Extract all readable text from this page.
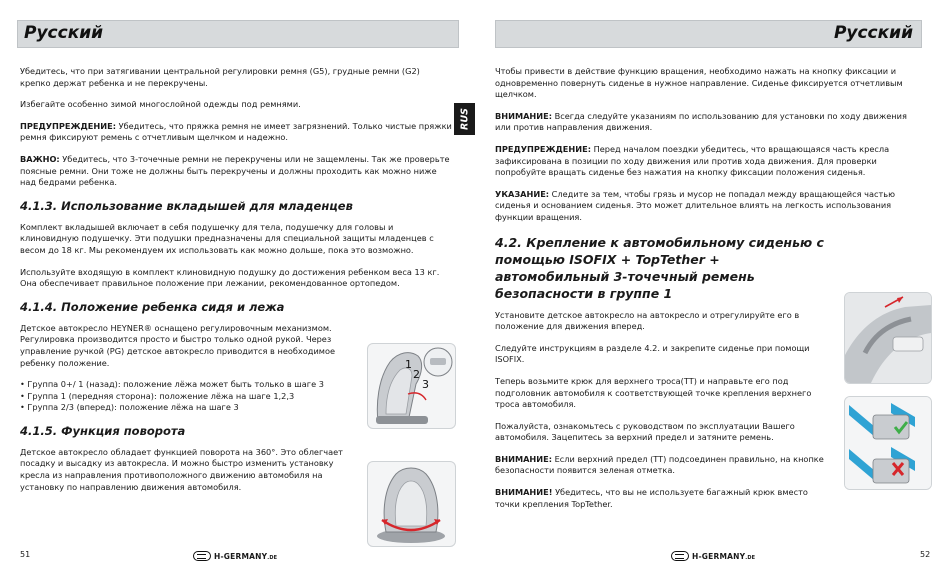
Русский

Убедитесь, что при затягивании центральной регулировки ремня (G5), грудные ремни (G2) крепко держат ребенка и не перекручены.

Избегайте особенно зимой многослойной одежды под ремнями.

ПРЕДУПРЕЖДЕНИЕ: Убедитесь, что пряжка ремня не имеет загрязнений. Только чистые пряжки ремня фиксируют ремень с отчетливым щелчком и надежно.

ВАЖНО: Убедитесь, что 3-точечные ремни не перекручены или не защемлены. Так же проверьте поясные ремни. Они тоже не должны быть перекручены и должны проходить как можно ниже над бедрами ребенка.

4.1.3. Использование вкладышей для младенцев

Комплект вкладышей включает в себя подушечку для тела, подушечку для головы и клиновидную подушечку. Эти подушки предназначены для специальной защиты младенцев с весом до 18 кг. Мы рекомендуем их использовать как можно дольше, пока это возможно.

Используйте входящую в комплект клиновидную подушку до достижения ребенком веса 13 кг. Она обеспечивает правильное положение при лежании, рекомендованное ортопедом.

4.1.4. Положение ребенка сидя и лежа

Детское автокресло HEYNER® оснащено регулировочным механизмом. Регулировка производится просто и быстро только одной рукой. Через управление ручкой (PG) детское автокресло приводится в необходимое ребенку положение.

• Группа 0+/ 1 (назад): положение лёжа может быть только в шаге 3
• Группа 1 (передняя сторона): положение лёжа на шаге 1,2,3
• Группа 2/3 (вперед): положение лёжа на шаге 3
4.1.5. Функция поворота

Детское автокресло обладает функцией поворота на 360°. Это облегчает посадку и высадку из автокресла. И можно быстро изменить установку кресла из направления противоположного движению автомобиля на установку по направлению движения автомобиля.

1
2
3
51	H-GERMANY.DE
Русский

Чтобы привести в действие функцию вращения, необходимо нажать на кнопку фиксации и одновременно повернуть сиденье в нужное направление. Сиденье фиксируется отчетливым щелчком.

ВНИМАНИЕ: Всегда следуйте указаниям по использованию для установки по ходу движения или против направления движения.

ПРЕДУПРЕЖДЕНИЕ: Перед началом поездки убедитесь, что вращающаяся часть кресла зафиксирована в позиции по ходу движения или против хода движения. Для проверки попробуйте вращать сиденье без нажатия на кнопку фиксации положения сиденья.

УКАЗАНИЕ: Следите за тем, чтобы грязь и мусор не попадал между вращающейся частью сиденья и основанием сиденья. Это может длительное влиять на легкость использования функции вращения.

4.2. Крепление к автомобильному сиденью с помощью ISOFIX + TopTether + автомобильный 3-точечный ремень безопасности в группе 1

Установите детское автокресло на автокресло и отрегулируйте его в положение для движения вперед.

Следуйте инструкциям в разделе 4.2. и закрепите сиденье при помощи ISOFIX.

Теперь возьмите крюк для верхнего троса(TT) и направьте его под подголовник автомобиля к соответствующей точке крепления верхнего троса автомобиля.

Пожалуйста, ознакомьтесь с руководством по эксплуатации Вашего автомобиля. Зацепитесь за верхний предел и затяните ремень.

ВНИМАНИЕ: Если верхний предел (TT) подсоединен правильно, на кнопке безопасности появится зеленая отметка.

ВНИМАНИЕ! Убедитесь, что вы не используете багажный крюк вместо точки крепления TopTether.

52
H-GERMANY.DE
RUS
